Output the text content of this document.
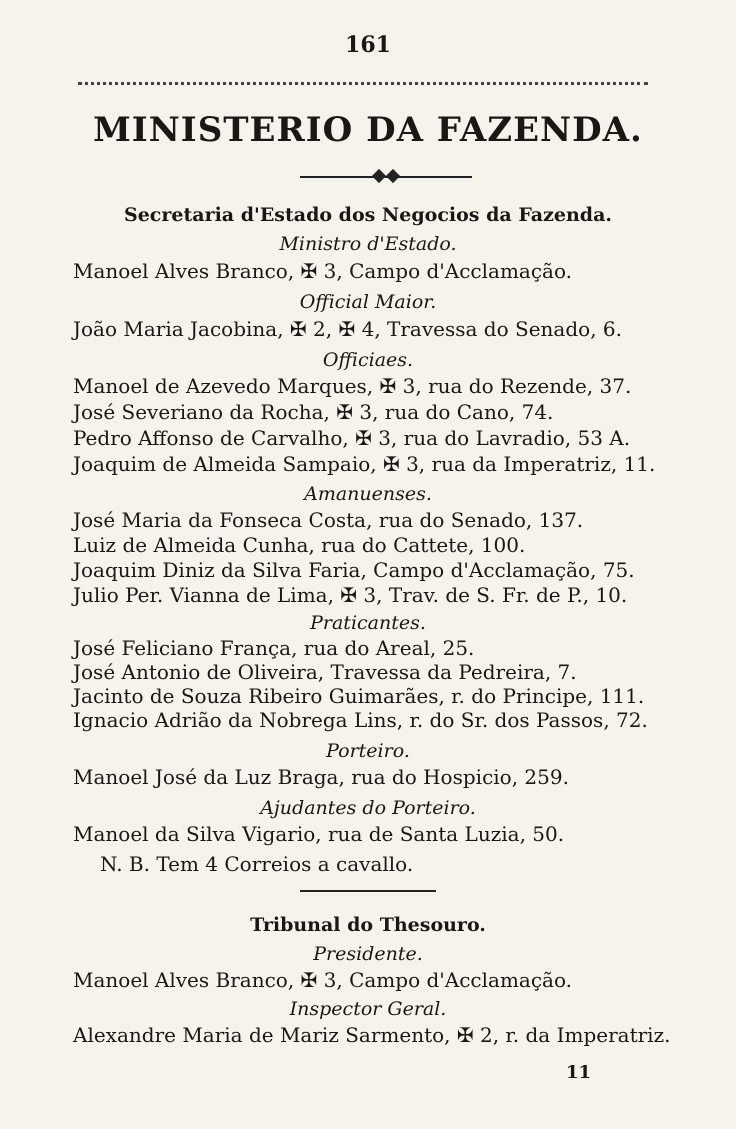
161
MINISTERIO DA FAZENDA.
Secretaria d'Estado dos Negocios da Fazenda.
Ministro d'Estado.
Manoel Alves Branco, ✠ 3, Campo d'Acclamação.
Official Maior.
João Maria Jacobina, ✠ 2, ✠ 4, Travessa do Senado, 6.
Officiaes.
Manoel de Azevedo Marques, ✠ 3, rua do Rezende, 37.
José Severiano da Rocha, ✠ 3, rua do Cano, 74.
Pedro Affonso de Carvalho, ✠ 3, rua do Lavradio, 53 A.
Joaquim de Almeida Sampaio, ✠ 3, rua da Imperatriz, 11.
Amanuenses.
José Maria da Fonseca Costa, rua do Senado, 137.
Luiz de Almeida Cunha, rua do Cattete, 100.
Joaquim Diniz da Silva Faria, Campo d'Acclamação, 75.
Julio Per. Vianna de Lima, ✠ 3, Trav. de S. Fr. de P., 10.
Praticantes.
José Feliciano França, rua do Areal, 25.
José Antonio de Oliveira, Travessa da Pedreira, 7.
Jacinto de Souza Ribeiro Guimarães, r. do Principe, 111.
Ignacio Adrião da Nobrega Lins, r. do Sr. dos Passos, 72.
Porteiro.
Manoel José da Luz Braga, rua do Hospicio, 259.
Ajudantes do Porteiro.
Manoel da Silva Vigario, rua de Santa Luzia, 50.
N. B. Tem 4 Correios a cavallo.
Tribunal do Thesouro.
Presidente.
Manoel Alves Branco, ✠ 3, Campo d'Acclamação.
Inspector Geral.
Alexandre Maria de Mariz Sarmento, ✠ 2, r. da Imperatriz.
11
